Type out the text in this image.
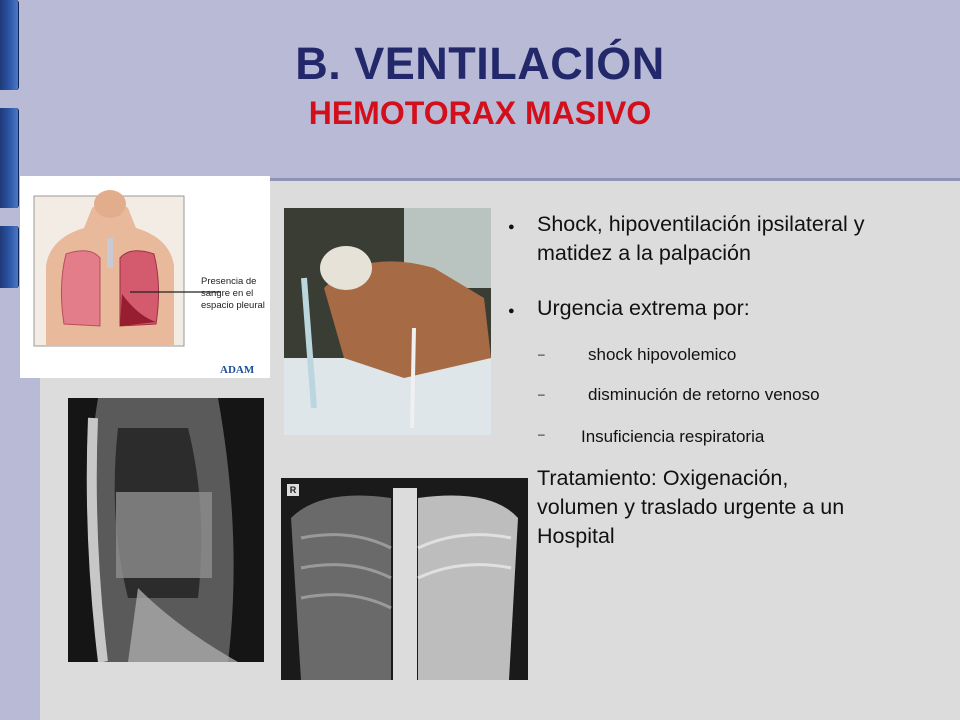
B. VENTILACIÓN
HEMOTORAX MASIVO
Presencia de
sangre en el
espacio pleural
ADAM
R
● Shock, hipoventilación ipsilateral y
matidez a la palpación
● Urgencia extrema por:
–	shock hipovolemico
–	disminución de retorno venoso
– Insuficiencia respiratoria
Tratamiento: Oxigenación,
volumen y traslado urgente a un
Hospital
